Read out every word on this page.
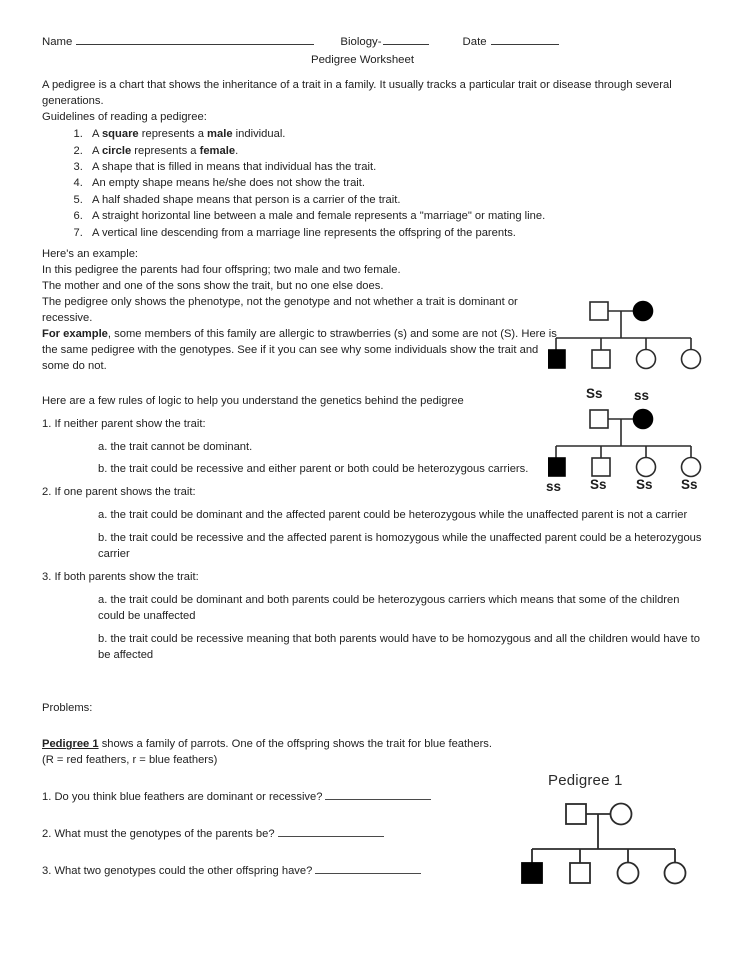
Name	Biology-	Date
Pedigree Worksheet

A pedigree is a chart that shows the inheritance of a trait in a family. It usually tracks a particular trait or disease through several generations.

Guidelines of reading a pedigree:

1. A square represents a male individual.
2. A circle represents a female.
3. A shape that is filled in means that individual has the trait.
4. An empty shape means he/she does not show the trait.
5. A half shaded shape means that person is a carrier of the trait.
6. A straight horizontal line between a male and female represents a "marriage" or mating line.
7. A vertical line descending from a marriage line represents the offspring of the parents.

Here's an example:

In this pedigree the parents had four offspring; two male and two female.

The mother and one of the sons show the trait, but no one else does.

The pedigree only shows the phenotype, not the genotype and not whether a trait is dominant or recessive.

For example, some members of this family are allergic to strawberries (s) and some are not (S). Here is the same pedigree with the genotypes. See if it you can see why some individuals show the trait and some do not.

Here are a few rules of logic to help you understand the genetics behind the pedigree

1. If neither parent show the trait:

a. the trait cannot be dominant.

b. the trait could be recessive and either parent or both could be heterozygous carriers.

2. If one parent shows the trait:

a. the trait could be dominant and the affected parent could be heterozygous while the unaffected parent is not a carrier

b. the trait could be recessive and the affected parent is homozygous while the unaffected parent could be a heterozygous carrier

3. If both parents show the trait:

a. the trait could be dominant and both parents could be heterozygous carriers which means that some of the children could be unaffected

b. the trait could be recessive meaning that both parents would have to be homozygous and all the children would have to be affected

Problems:

Pedigree 1 shows a family of parrots. One of the offspring shows the trait for blue feathers. (R = red feathers, r = blue feathers)

1. Do you think blue feathers are dominant or recessive?

2. What must the genotypes of the parents be?

3. What two genotypes could the other offspring have?

Ss ss
ss Ss Ss Ss
Pedigree 1
